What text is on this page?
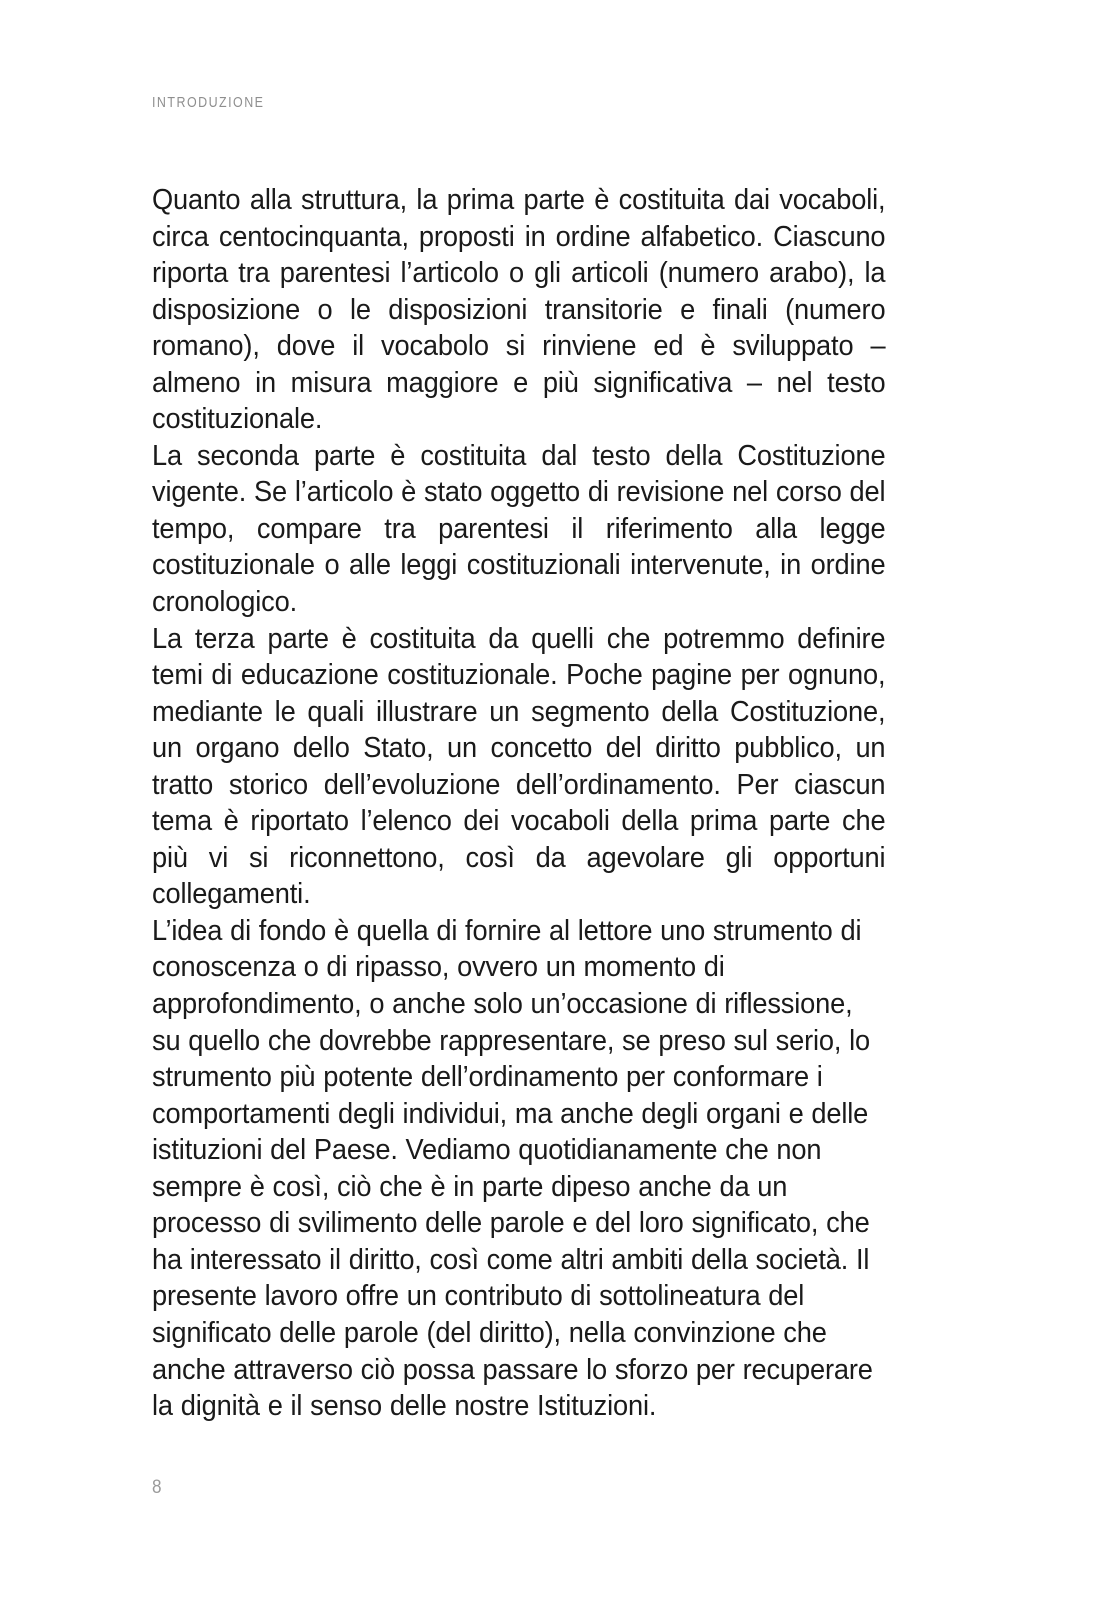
INTRODUZIONE

Quanto alla struttura, la prima parte è costituita dai vocaboli, circa centocinquanta, proposti in ordine alfabetico. Ciascuno riporta tra parentesi l’articolo o gli articoli (numero arabo), la disposizione o le disposizioni transitorie e finali (numero romano), dove il vocabolo si rinviene ed è sviluppato – almeno in misura maggiore e più significativa – nel testo costituzionale.

La seconda parte è costituita dal testo della Costituzione vigente. Se l’articolo è stato oggetto di revisione nel corso del tempo, compare tra parentesi il riferimento alla legge costituzionale o alle leggi costituzionali intervenute, in ordine cronologico.

La terza parte è costituita da quelli che potremmo definire temi di educazione costituzionale. Poche pagine per ognuno, mediante le quali illustrare un segmento della Costituzione, un organo dello Stato, un concetto del diritto pubblico, un tratto storico dell’evoluzione dell’ordinamento. Per ciascun tema è riportato l’elenco dei vocaboli della prima parte che più vi si riconnettono, così da agevolare gli opportuni collegamenti.

L’idea di fondo è quella di fornire al lettore uno strumento di conoscenza o di ripasso, ovvero un momento di approfondimento, o anche solo un’occasione di riflessione, su quello che dovrebbe rappresentare, se preso sul serio, lo strumento più potente dell’ordinamento per conformare i comportamenti degli individui, ma anche degli organi e delle istituzioni del Paese. Vediamo quotidianamente che non sempre è così, ciò che è in parte dipeso anche da un processo di svilimento delle parole e del loro significato, che ha interessato il diritto, così come altri ambiti della società. Il presente lavoro offre un contributo di sottolineatura del significato delle parole (del diritto), nella convinzione che anche attraverso ciò possa passare lo sforzo per recuperare la dignità e il senso delle nostre Istituzioni.

8
